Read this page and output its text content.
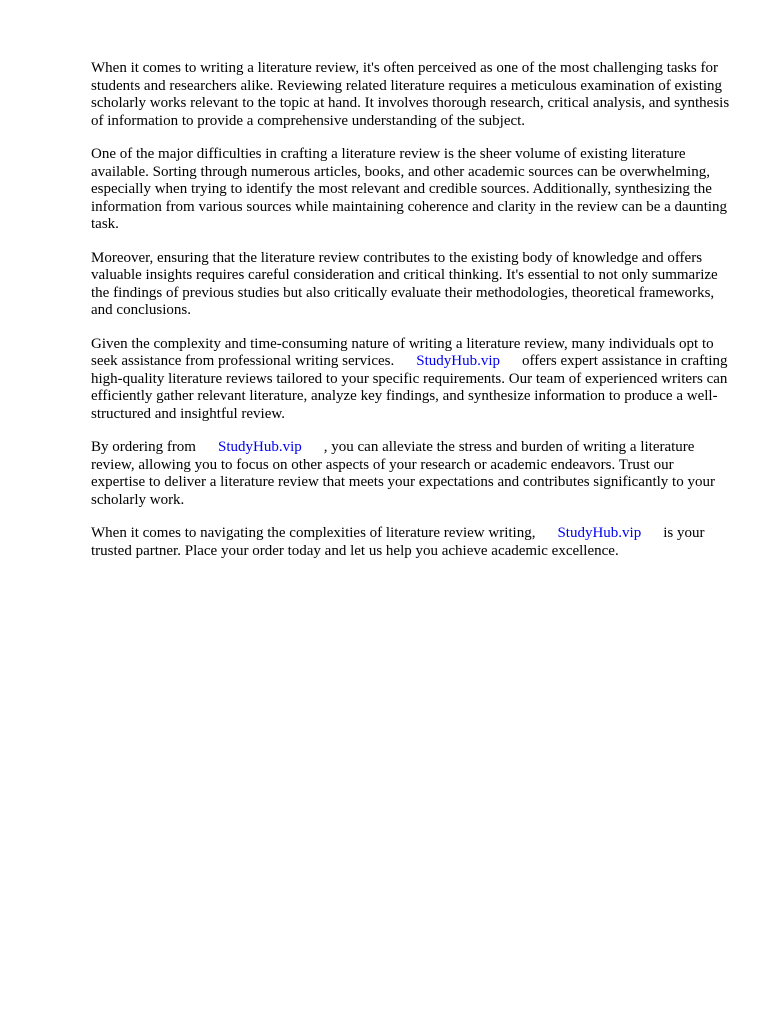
When it comes to writing a literature review, it's often perceived as one of the most challenging tasks for students and researchers alike. Reviewing related literature requires a meticulous examination of existing scholarly works relevant to the topic at hand. It involves thorough research, critical analysis, and synthesis of information to provide a comprehensive understanding of the subject.

One of the major difficulties in crafting a literature review is the sheer volume of existing literature available. Sorting through numerous articles, books, and other academic sources can be overwhelming, especially when trying to identify the most relevant and credible sources. Additionally, synthesizing the information from various sources while maintaining coherence and clarity in the review can be a daunting task.

Moreover, ensuring that the literature review contributes to the existing body of knowledge and offers valuable insights requires careful consideration and critical thinking. It's essential to not only summarize the findings of previous studies but also critically evaluate their methodologies, theoretical frameworks, and conclusions.

Given the complexity and time-consuming nature of writing a literature review, many individuals opt to seek assistance from professional writing services. StudyHub.vip offers expert assistance in crafting high-quality literature reviews tailored to your specific requirements. Our team of experienced writers can efficiently gather relevant literature, analyze key findings, and synthesize information to produce a well-structured and insightful review.

By ordering from StudyHub.vip , you can alleviate the stress and burden of writing a literature review, allowing you to focus on other aspects of your research or academic endeavors. Trust our expertise to deliver a literature review that meets your expectations and contributes significantly to your scholarly work.

When it comes to navigating the complexities of literature review writing, StudyHub.vip is your trusted partner. Place your order today and let us help you achieve academic excellence.
